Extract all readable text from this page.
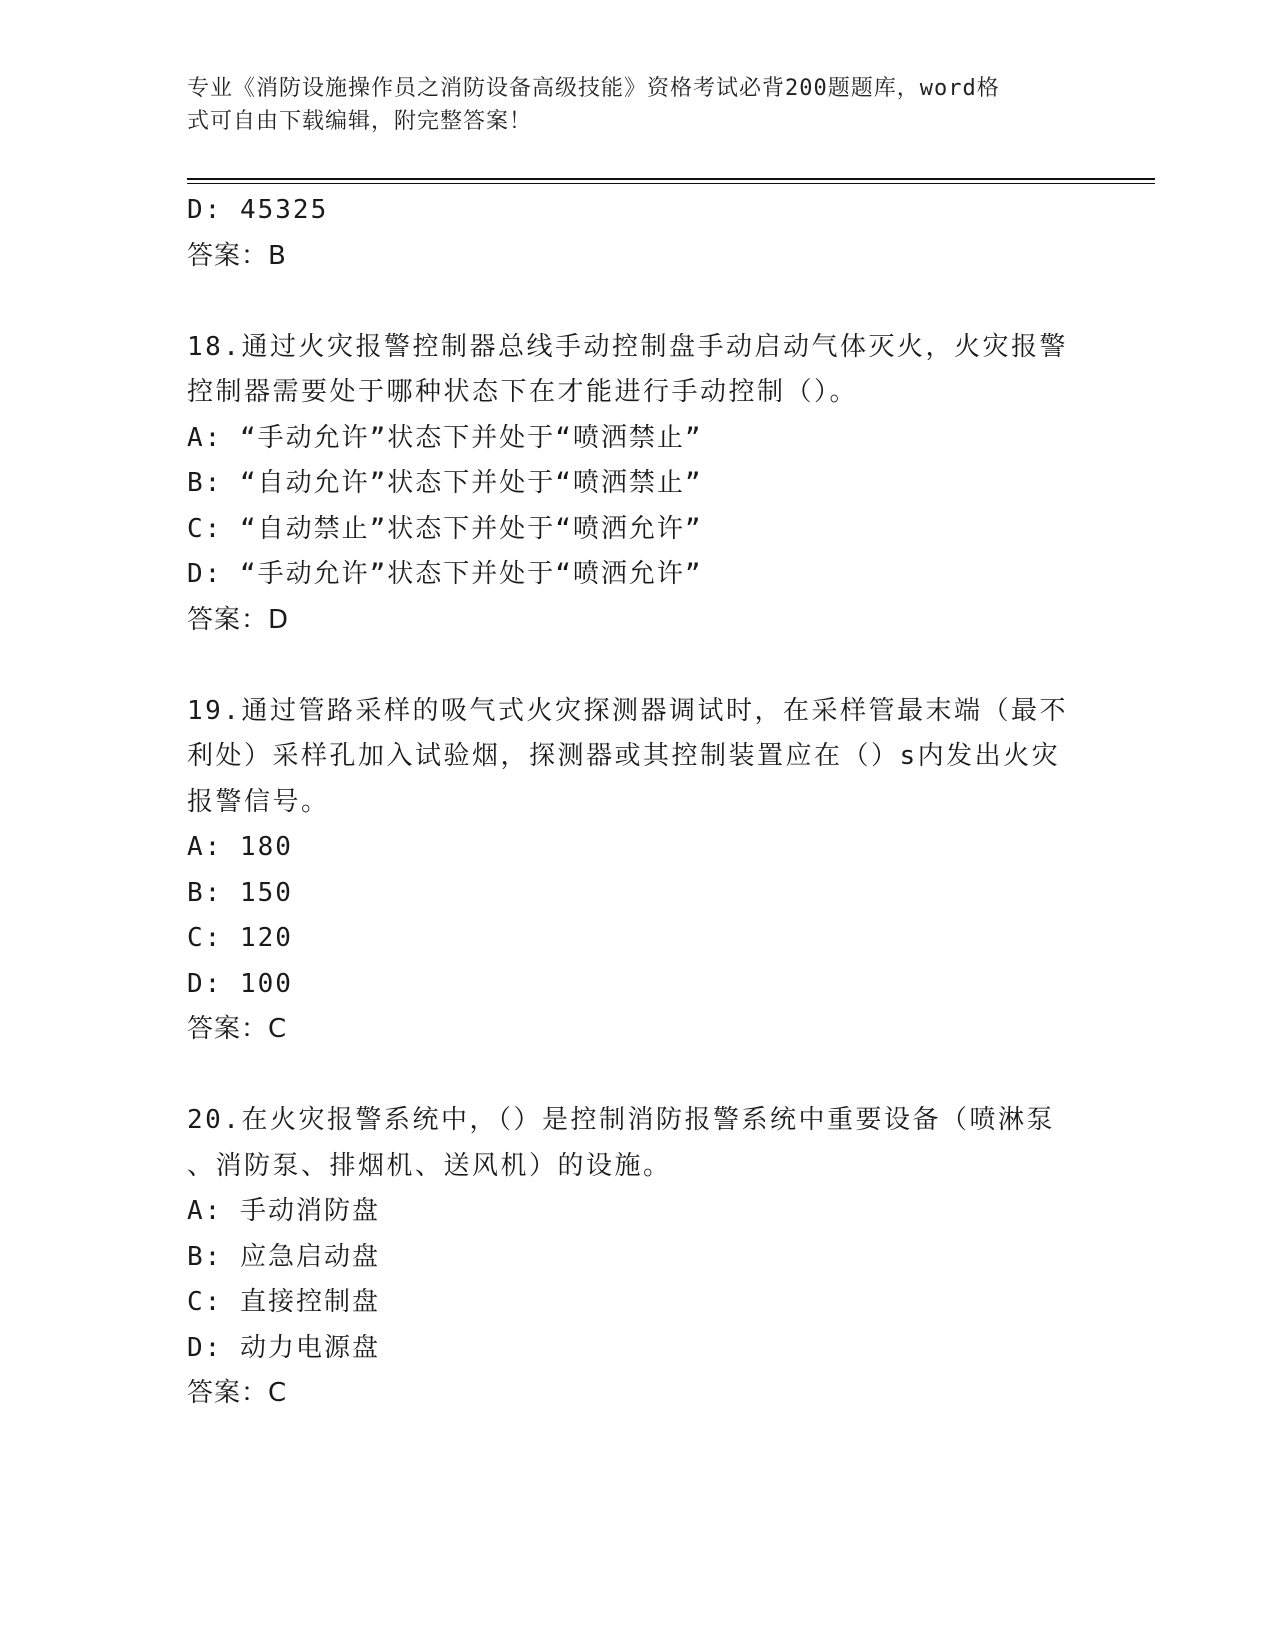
专业《消防设施操作员之消防设备高级技能》资格考试必背200题题库，word格
式可自由下载编辑，附完整答案！
D: 45325
答案：B
18.通过火灾报警控制器总线手动控制盘手动启动气体灭火，火灾报警
控制器需要处于哪种状态下在才能进行手动控制（）。
A: “手动允许”状态下并处于“喷洒禁止”
B: “自动允许”状态下并处于“喷洒禁止”
C: “自动禁止”状态下并处于“喷洒允许”
D: “手动允许”状态下并处于“喷洒允许”
答案：D
19.通过管路采样的吸气式火灾探测器调试时，在采样管最末端（最不
利处）采样孔加入试验烟，探测器或其控制装置应在（）s内发出火灾
报警信号。
A: 180
B: 150
C: 120
D: 100
答案：C
20.在火灾报警系统中，（）是控制消防报警系统中重要设备（喷淋泵
、消防泵、排烟机、送风机）的设施。
A: 手动消防盘
B: 应急启动盘
C: 直接控制盘
D: 动力电源盘
答案：C
